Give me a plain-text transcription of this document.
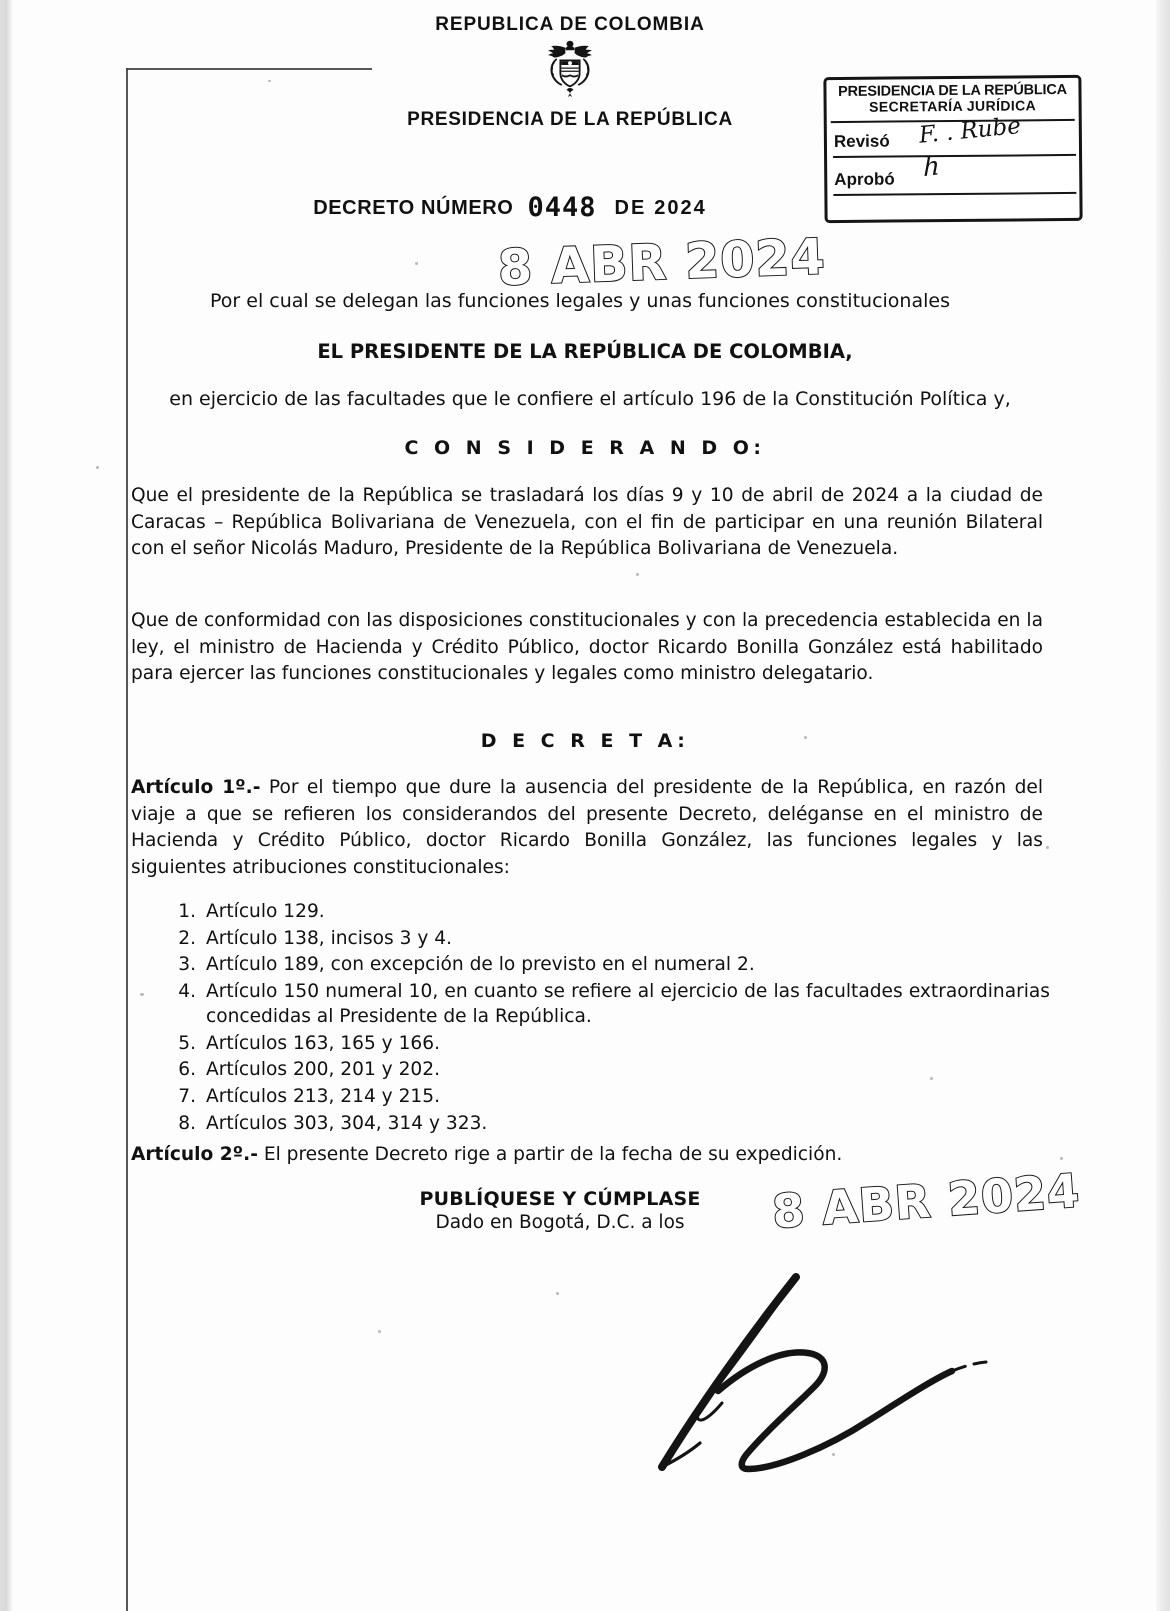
REPUBLICA DE COLOMBIA
PRESIDENCIA DE LA REPÚBLICA
DECRETO NÚMERO 0448 DE 2024
PRESIDENCIA DE LA REPÚBLICA
SECRETARÍA JURÍDICA
Revisó F. . Rube
Aprobó h
8 ABR 2024
Por el cual se delegan las funciones legales y unas funciones constitucionales
EL PRESIDENTE DE LA REPÚBLICA DE COLOMBIA,
en ejercicio de las facultades que le confiere el artículo 196 de la Constitución Política y,
C O N S I D E R A N D O:
Que el presidente de la República se trasladará los días 9 y 10 de abril de 2024 a la ciudad de Caracas – República Bolivariana de Venezuela, con el fin de participar en una reunión Bilateral con el señor Nicolás Maduro, Presidente de la República Bolivariana de Venezuela.
Que de conformidad con las disposiciones constitucionales y con la precedencia establecida en la ley, el ministro de Hacienda y Crédito Público, doctor Ricardo Bonilla González está habilitado para ejercer las funciones constitucionales y legales como ministro delegatario.
D E C R E T A:
Artículo 1º.- Por el tiempo que dure la ausencia del presidente de la República, en razón del viaje a que se refieren los considerandos del presente Decreto, deléganse en el ministro de Hacienda y Crédito Público, doctor Ricardo Bonilla González, las funciones legales y las siguientes atribuciones constitucionales:
1. Artículo 129.
2. Artículo 138, incisos 3 y 4.
3. Artículo 189, con excepción de lo previsto en el numeral 2.
4. Artículo 150 numeral 10, en cuanto se refiere al ejercicio de las facultades extraordinarias concedidas al Presidente de la República.
5. Artículos 163, 165 y 166.
6. Artículos 200, 201 y 202.
7. Artículos 213, 214 y 215.
8. Artículos 303, 304, 314 y 323.
Artículo 2º.- El presente Decreto rige a partir de la fecha de su expedición.
PUBLÍQUESE Y CÚMPLASE
Dado en Bogotá, D.C. a los	8 ABR 2024
